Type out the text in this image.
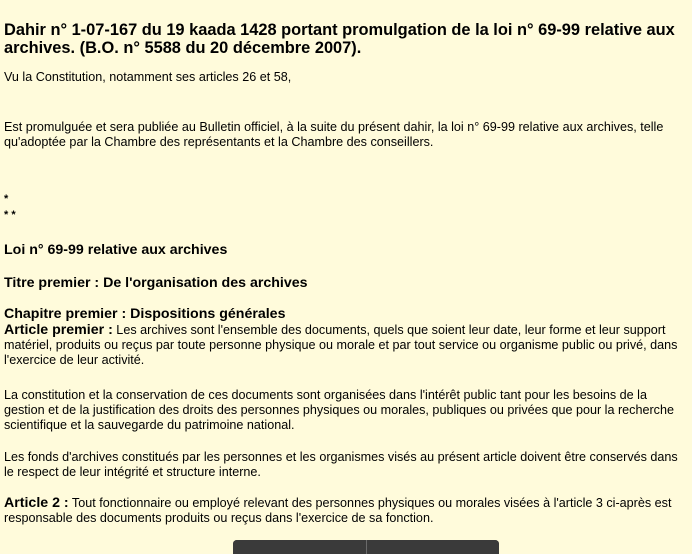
Dahir n° 1-07-167 du 19 kaada 1428 portant promulgation de la loi n° 69-99 relative aux archives. (B.O. n° 5588 du 20 décembre 2007).

Vu la Constitution, notamment ses articles 26 et 58,

Est promulguée et sera publiée au Bulletin officiel, à la suite du présent dahir, la loi n° 69-99 relative aux archives, telle qu'adoptée par la Chambre des représentants et la Chambre des conseillers.

*
* *
Loi n° 69-99 relative aux archives
Titre premier : De l'organisation des archives
Chapitre premier : Dispositions générales

Article premier : Les archives sont l'ensemble des documents, quels que soient leur date, leur forme et leur support matériel, produits ou reçus par toute personne physique ou morale et par tout service ou organisme public ou privé, dans l'exercice de leur activité.

La constitution et la conservation de ces documents sont organisées dans l'intérêt public tant pour les besoins de la gestion et de la justification des droits des personnes physiques ou morales, publiques ou privées que pour la recherche scientifique et la sauvegarde du patrimoine national.

Les fonds d'archives constitués par les personnes et les organismes visés au présent article doivent être conservés dans le respect de leur intégrité et structure interne.

Article 2 : Tout fonctionnaire ou employé relevant des personnes physiques ou morales visées à l'article 3 ci-après est responsable des documents produits ou reçus dans l'exercice de sa fonction.
